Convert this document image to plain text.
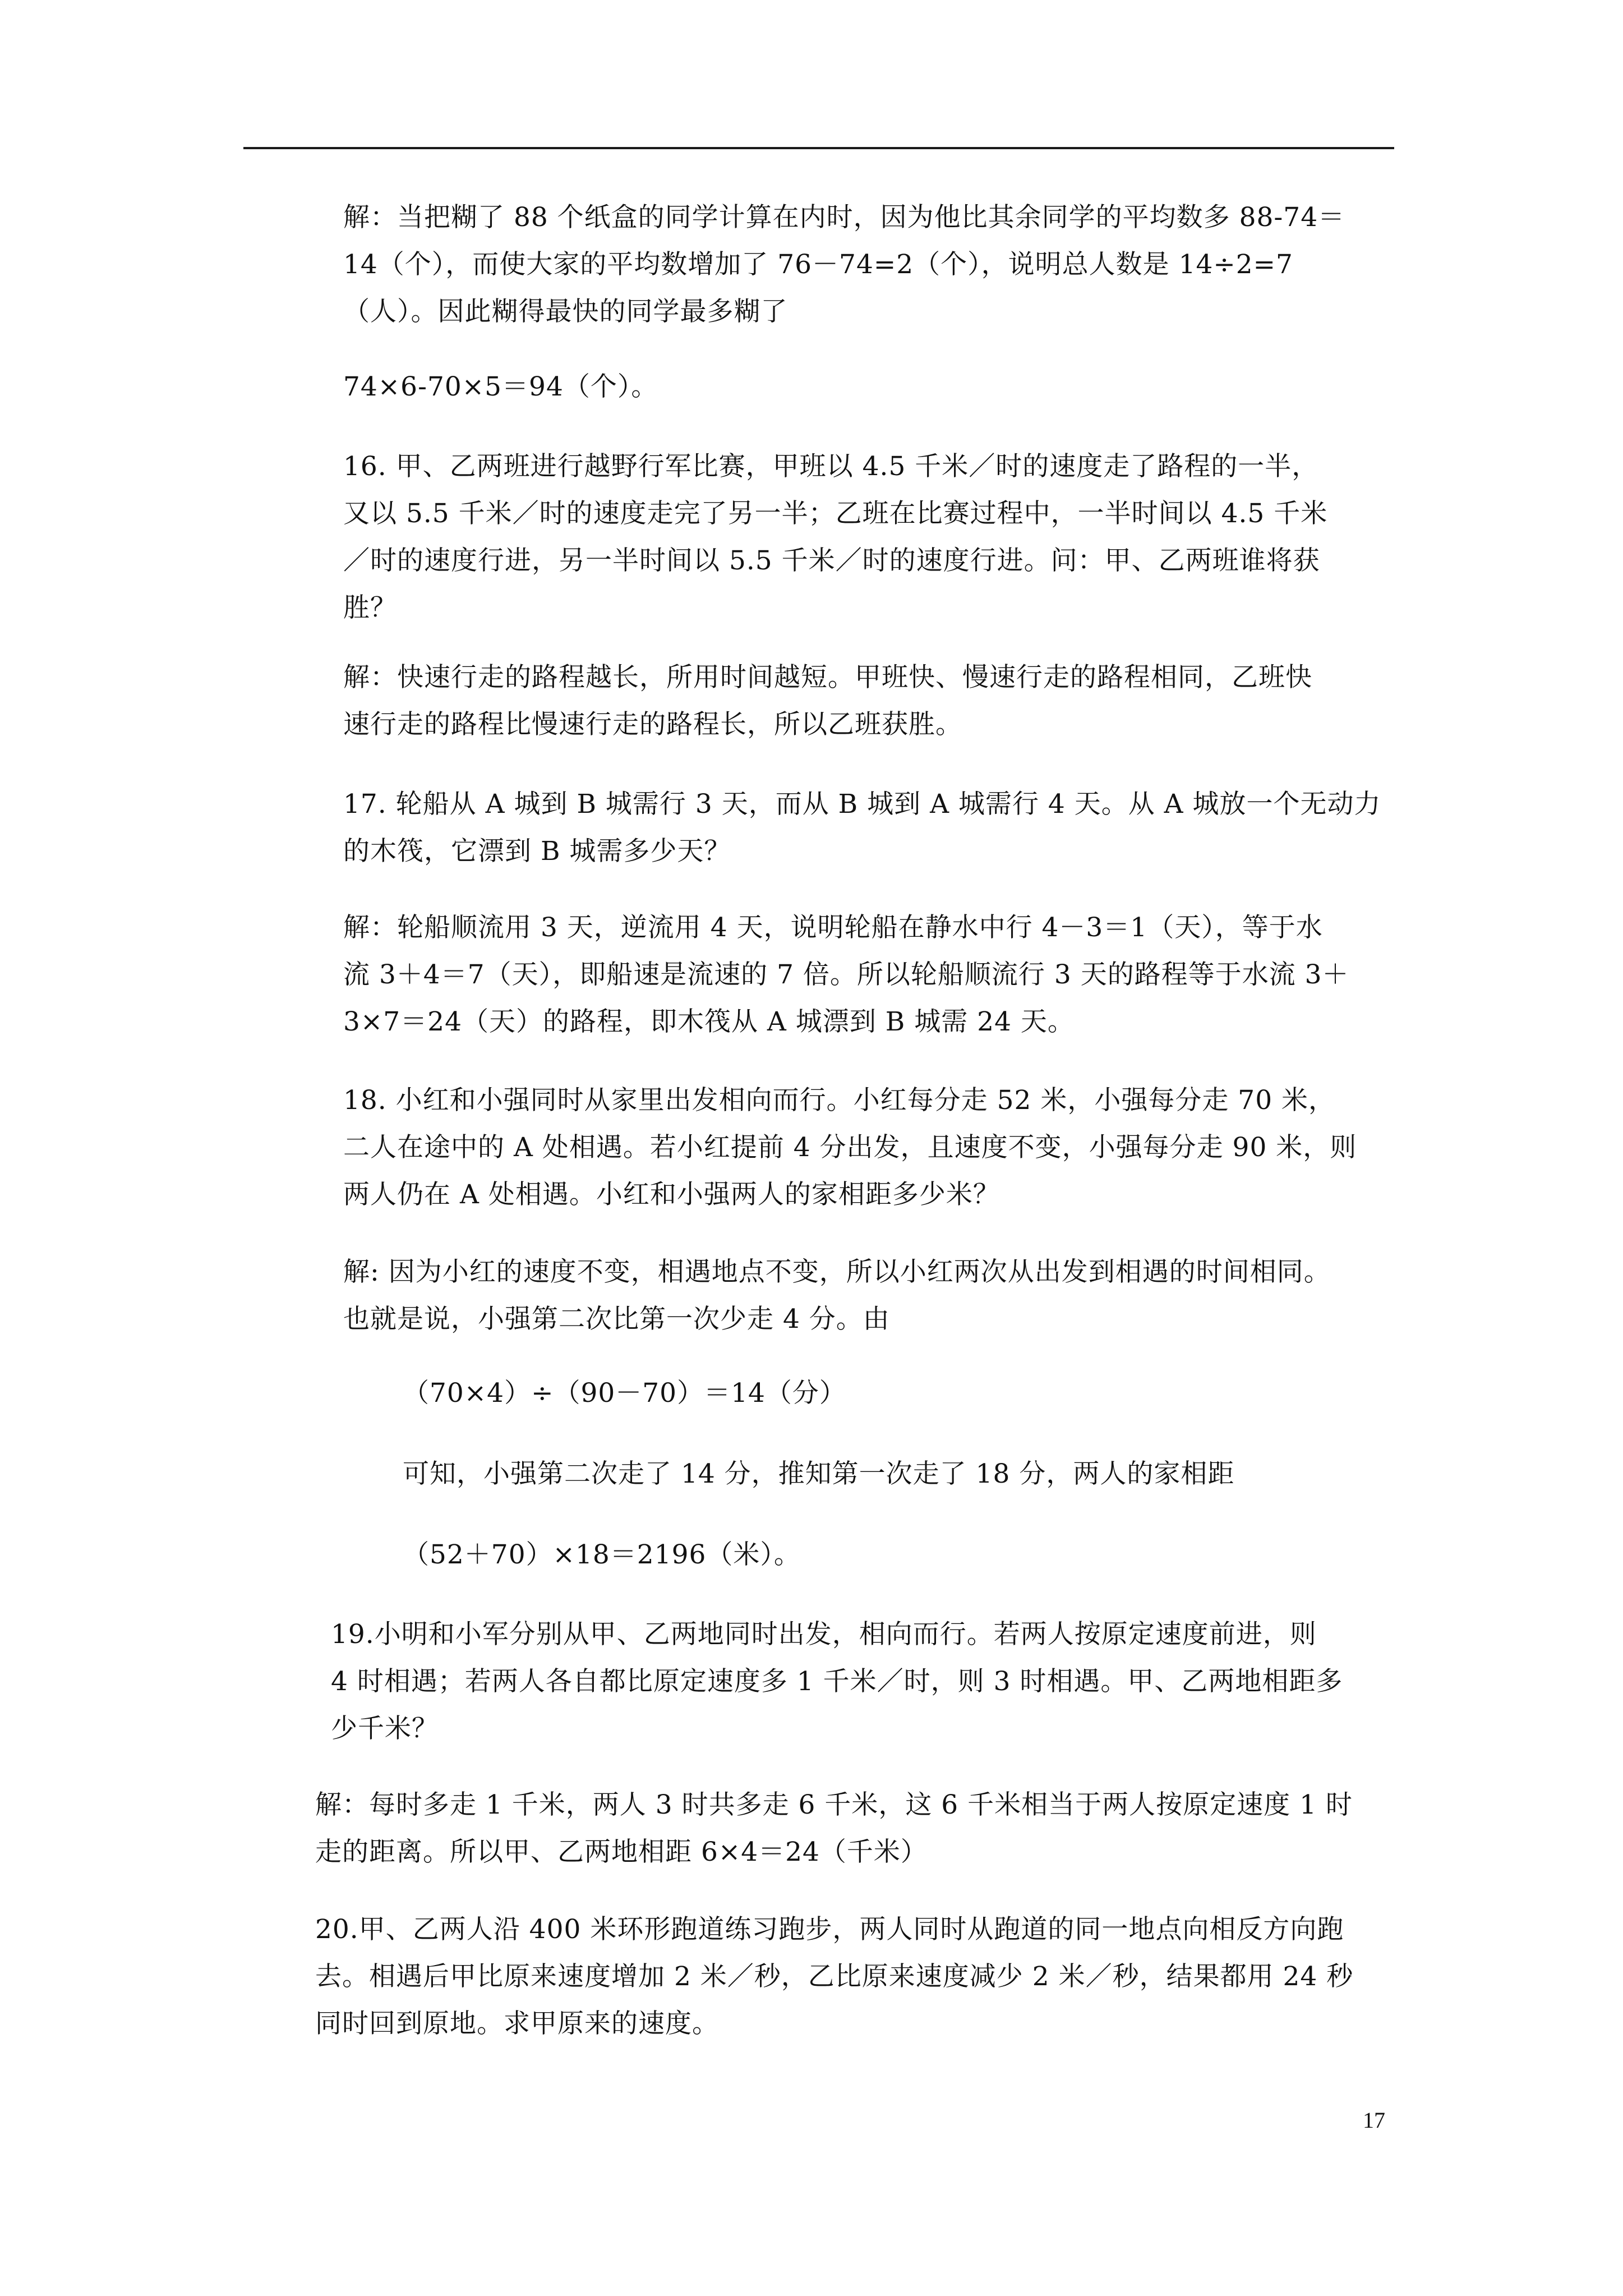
解：当把糊了 88 个纸盒的同学计算在内时，因为他比其余同学的平均数多 88-74＝
14（个），而使大家的平均数增加了 76－74=2（个），说明总人数是 14÷2=7
（人）。因此糊得最快的同学最多糊了

74×6-70×5＝94（个）。

16. 甲、乙两班进行越野行军比赛，甲班以 4.5 千米／时的速度走了路程的一半，
又以 5.5 千米／时的速度走完了另一半；乙班在比赛过程中，一半时间以 4.5 千米
／时的速度行进，另一半时间以 5.5 千米／时的速度行进。问：甲、乙两班谁将获
胜？

解：快速行走的路程越长，所用时间越短。甲班快、慢速行走的路程相同，乙班快
速行走的路程比慢速行走的路程长，所以乙班获胜。

17. 轮船从 A 城到 B 城需行 3 天，而从 B 城到 A 城需行 4 天。从 A 城放一个无动力
的木筏，它漂到 B 城需多少天？

解：轮船顺流用 3 天，逆流用 4 天，说明轮船在静水中行 4－3＝1（天），等于水
流 3＋4＝7（天），即船速是流速的 7 倍。所以轮船顺流行 3 天的路程等于水流 3＋
3×7＝24（天）的路程，即木筏从 A 城漂到 B 城需 24 天。

18. 小红和小强同时从家里出发相向而行。小红每分走 52 米，小强每分走 70 米，
二人在途中的 A 处相遇。若小红提前 4 分出发，且速度不变，小强每分走 90 米，则
两人仍在 A 处相遇。小红和小强两人的家相距多少米？

解: 因为小红的速度不变，相遇地点不变，所以小红两次从出发到相遇的时间相同。
也就是说，小强第二次比第一次少走 4 分。由

（70×4）÷（90－70）＝14（分）

可知，小强第二次走了 14 分，推知第一次走了 18 分，两人的家相距

（52＋70）×18＝2196（米）。

19.小明和小军分别从甲、乙两地同时出发，相向而行。若两人按原定速度前进，则
4 时相遇；若两人各自都比原定速度多 1 千米／时，则 3 时相遇。甲、乙两地相距多
少千米？

解：每时多走 1 千米，两人 3 时共多走 6 千米，这 6 千米相当于两人按原定速度 1 时
走的距离。所以甲、乙两地相距 6×4＝24（千米）

20.甲、乙两人沿 400 米环形跑道练习跑步，两人同时从跑道的同一地点向相反方向跑
去。相遇后甲比原来速度增加 2 米／秒，乙比原来速度减少 2 米／秒，结果都用 24 秒
同时回到原地。求甲原来的速度。

17
